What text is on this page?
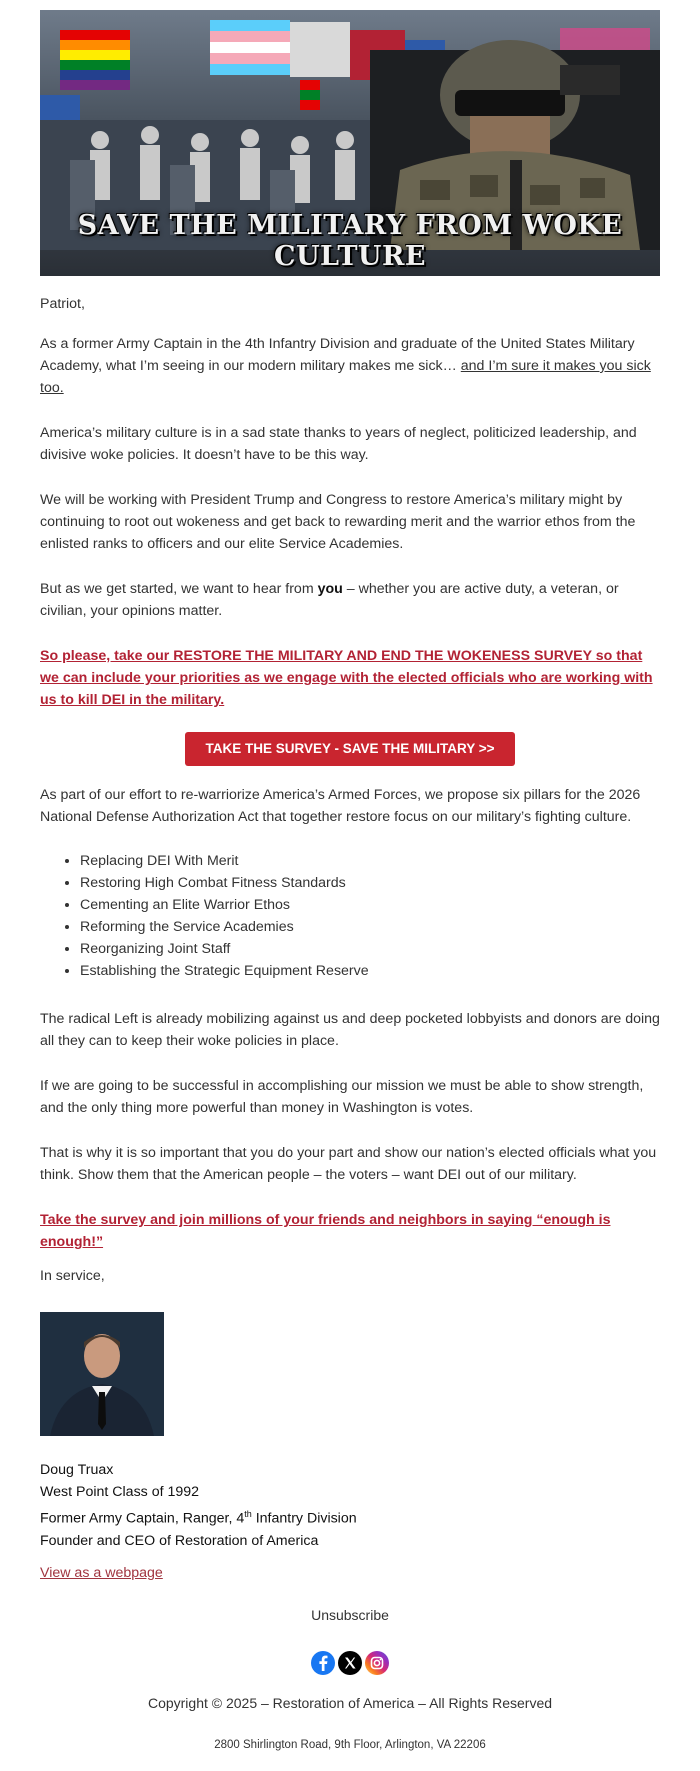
SAVE THE MILITARY FROM WOKE CULTURE

Patriot,

As a former Army Captain in the 4th Infantry Division and graduate of the United States Military Academy, what I’m seeing in our modern military makes me sick… and I’m sure it makes you sick too.

America’s military culture is in a sad state thanks to years of neglect, politicized leadership, and divisive woke policies. It doesn’t have to be this way.

We will be working with President Trump and Congress to restore America’s military might by continuing to root out wokeness and get back to rewarding merit and the warrior ethos from the enlisted ranks to officers and our elite Service Academies.

But as we get started, we want to hear from you – whether you are active duty, a veteran, or civilian, your opinions matter.

So please, take our RESTORE THE MILITARY AND END THE WOKENESS SURVEY so that we can include your priorities as we engage with the elected officials who are working with us to kill DEI in the military.

TAKE THE SURVEY - SAVE THE MILITARY >>

As part of our effort to re-warriorize America’s Armed Forces, we propose six pillars for the 2026 National Defense Authorization Act that together restore focus on our military’s fighting culture.

• Replacing DEI With Merit
• Restoring High Combat Fitness Standards
• Cementing an Elite Warrior Ethos
• Reforming the Service Academies
• Reorganizing Joint Staff
• Establishing the Strategic Equipment Reserve

The radical Left is already mobilizing against us and deep pocketed lobbyists and donors are doing all they can to keep their woke policies in place.

If we are going to be successful in accomplishing our mission we must be able to show strength, and the only thing more powerful than money in Washington is votes.

That is why it is so important that you do your part and show our nation’s elected officials what you think. Show them that the American people – the voters – want DEI out of our military.

Take the survey and join millions of your friends and neighbors in saying “enough is enough!”

In service,

Doug Truax
West Point Class of 1992
Former Army Captain, Ranger, 4th Infantry Division
Founder and CEO of Restoration of America
View as a webpage
Unsubscribe
Copyright © 2025 – Restoration of America – All Rights Reserved
2800 Shirlington Road, 9th Floor, Arlington, VA 22206
